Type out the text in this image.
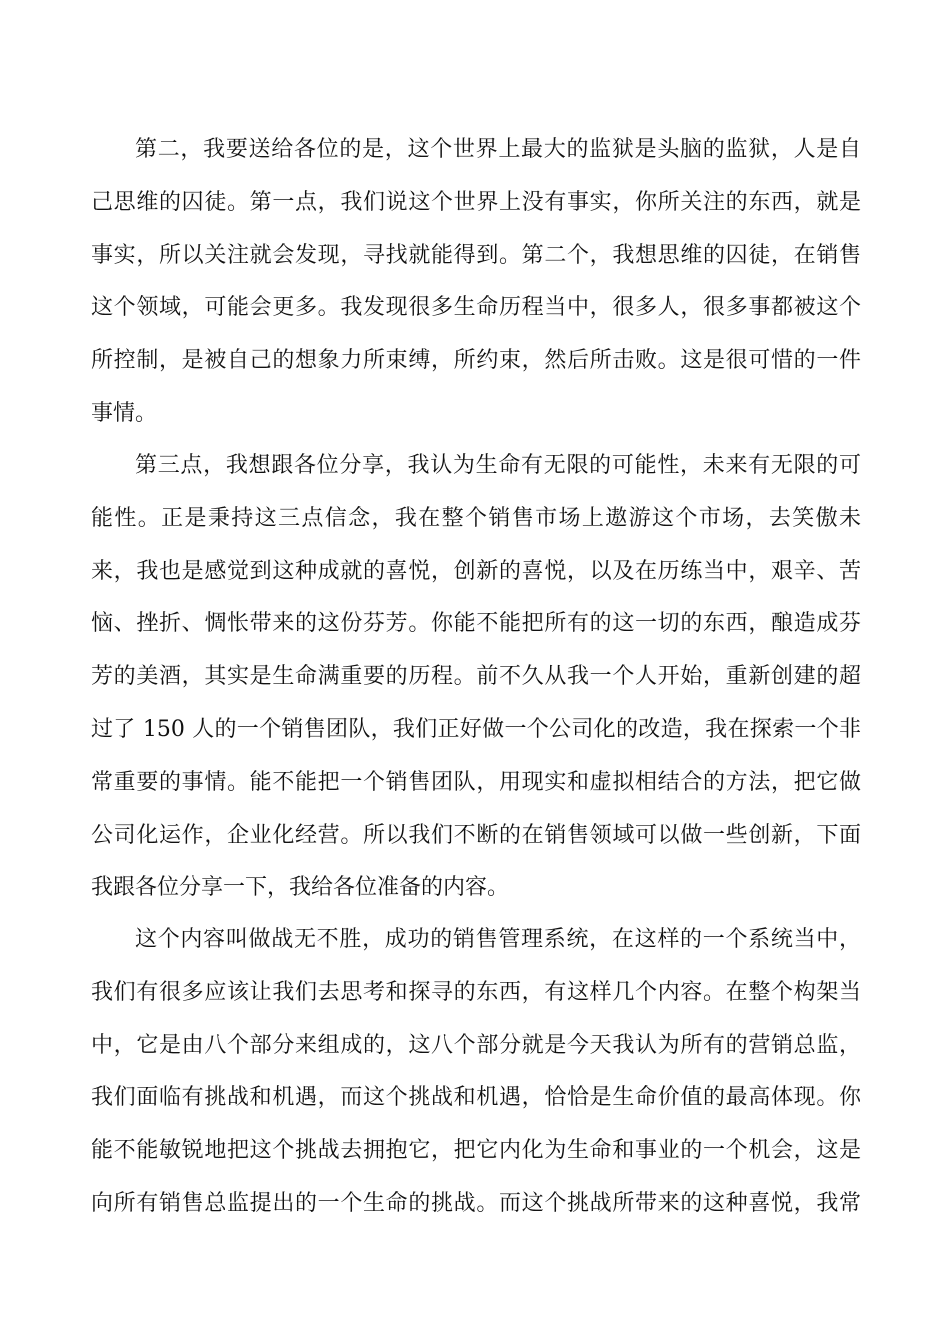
第二，我要送给各位的是，这个世界上最大的监狱是头脑的监狱，人是自
己思维的囚徒。第一点，我们说这个世界上没有事实，你所关注的东西，就是
事实，所以关注就会发现，寻找就能得到。第二个，我想思维的囚徒，在销售
这个领域，可能会更多。我发现很多生命历程当中，很多人，很多事都被这个
所控制，是被自己的想象力所束缚，所约束，然后所击败。这是很可惜的一件
事情。
第三点，我想跟各位分享，我认为生命有无限的可能性，未来有无限的可
能性。正是秉持这三点信念，我在整个销售市场上遨游这个市场，去笑傲未
来，我也是感觉到这种成就的喜悦，创新的喜悦，以及在历练当中，艰辛、苦
恼、挫折、惆怅带来的这份芬芳。你能不能把所有的这一切的东西，酿造成芬
芳的美酒，其实是生命满重要的历程。前不久从我一个人开始，重新创建的超
过了 150 人的一个销售团队，我们正好做一个公司化的改造，我在探索一个非
常重要的事情。能不能把一个销售团队，用现实和虚拟相结合的方法，把它做
公司化运作，企业化经营。所以我们不断的在销售领域可以做一些创新，下面
我跟各位分享一下，我给各位准备的内容。
这个内容叫做战无不胜，成功的销售管理系统，在这样的一个系统当中，
我们有很多应该让我们去思考和探寻的东西，有这样几个内容。在整个构架当
中，它是由八个部分来组成的，这八个部分就是今天我认为所有的营销总监，
我们面临有挑战和机遇，而这个挑战和机遇，恰恰是生命价值的最高体现。你
能不能敏锐地把这个挑战去拥抱它，把它内化为生命和事业的一个机会，这是
向所有销售总监提出的一个生命的挑战。而这个挑战所带来的这种喜悦，我常
